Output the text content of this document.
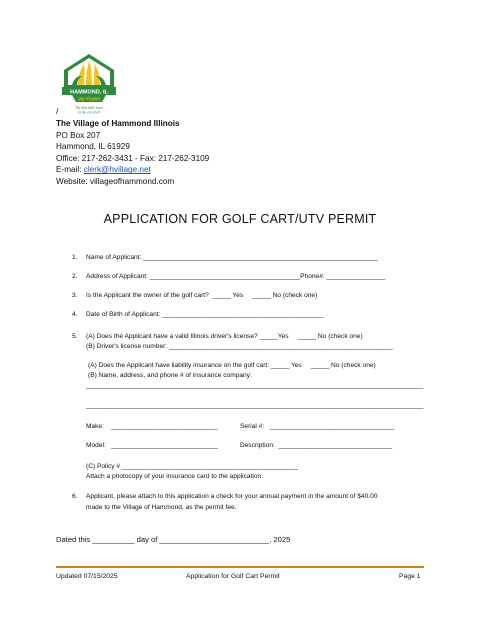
HAMMOND, IL
150 YEARS
The best little town
in the corn belt
/
The Village of Hammond Illinois
PO Box 207
Hammond, IL 61929
Office: 217-262-3431 - Fax: 217-262-3109
E-mail: clerk@hvillage.net
Website: villageofhammond.com
APPLICATION FOR GOLF CART/UTV PERMIT
1. Name of Applicant: ________________________________________________________________
2. Address of Applicant: _________________________________________Phone#: ________________
3. Is the Applicant the owner of the golf cart?  _____ Yes     _____ No (check one)
4. Date of Birth of Applicant: ____________________________________________
5. (A) Does the Applicant have a valid Illinois driver's license? _____Yes     _____ No (check one)
(B) Driver's license number: _____________________________________________________________
(A) Does the Applicant have liability insurance on the golf cart: _____ Yes     _____ No (check one)
(B) Name, address, and phone # of insurance company:
____________________________________________________________________________________________
____________________________________________________________________________________________
Make:    _____________________________	Serial #:   __________________________________
Model:   _____________________________	Description:  _______________________________
(C) Policy # ________________________________________________
Attach a photocopy of your insurance card to the application.
6. Applicant, please attach to this application a check for your annual payment in the amount of $40.00
made to the Village of Hammond, as the permit fee.
Dated this __________ day of __________________________, 2025
Updated 07/15/2025	Application for Golf Cart Permit	Page 1
